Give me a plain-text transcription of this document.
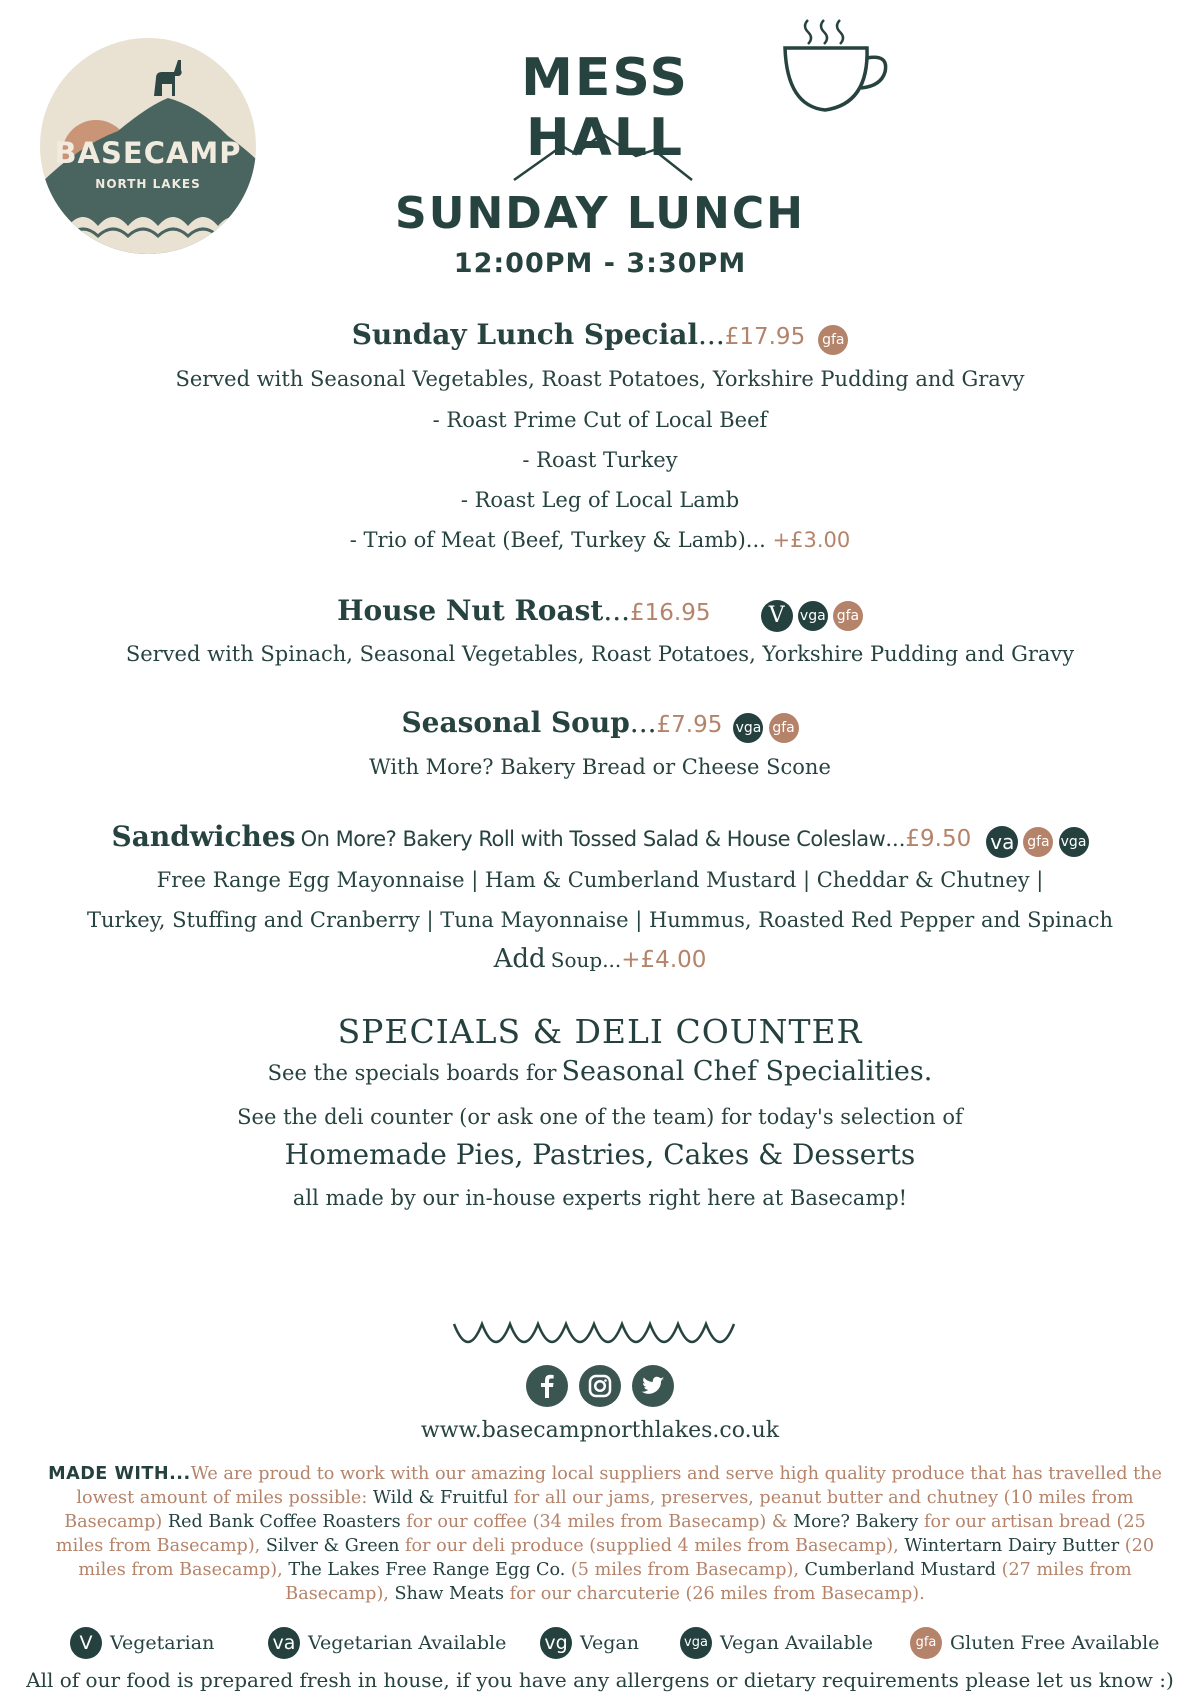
BASECAMP
NORTH LAKES
MESS HALL
SUNDAY LUNCH
12:00PM - 3:30PM
Sunday Lunch Special...£17.95 gfa
Served with Seasonal Vegetables, Roast Potatoes, Yorkshire Pudding and Gravy
- Roast Prime Cut of Local Beef
- Roast Turkey
- Roast Leg of Local Lamb
- Trio of Meat (Beef, Turkey & Lamb)... +£3.00
House Nut Roast...£16.95	V vga gfa
Served with Spinach, Seasonal Vegetables, Roast Potatoes, Yorkshire Pudding and Gravy
Seasonal Soup...£7.95 vga gfa
With More? Bakery Bread or Cheese Scone
Sandwiches On More? Bakery Roll with Tossed Salad & House Coleslaw...£9.50 va gfa vga
Free Range Egg Mayonnaise | Ham & Cumberland Mustard | Cheddar & Chutney |
Turkey, Stuffing and Cranberry | Tuna Mayonnaise | Hummus, Roasted Red Pepper and Spinach
Add Soup...+£4.00
SPECIALS & DELI COUNTER
See the specials boards for Seasonal Chef Specialities.
See the deli counter (or ask one of the team) for today's selection of
Homemade Pies, Pastries, Cakes & Desserts
all made by our in-house experts right here at Basecamp!

www.basecampnorthlakes.co.uk
MADE WITH...We are proud to work with our amazing local suppliers and serve high quality produce that has travelled the lowest amount of miles possible: Wild & Fruitful for all our jams, preserves, peanut butter and chutney (10 miles from Basecamp) Red Bank Coffee Roasters for our coffee (34 miles from Basecamp) & More? Bakery for our artisan bread (25 miles from Basecamp), Silver & Green for our deli produce (supplied 4 miles from Basecamp), Wintertarn Dairy Butter (20 miles from Basecamp), The Lakes Free Range Egg Co. (5 miles from Basecamp), Cumberland Mustard (27 miles from Basecamp), Shaw Meats for our charcuterie (26 miles from Basecamp).
V Vegetarian	va Vegetarian Available vg Vegan	vga Vegan Available	gfa Gluten Free Available
All of our food is prepared fresh in house, if you have any allergens or dietary requirements please let us know :)
